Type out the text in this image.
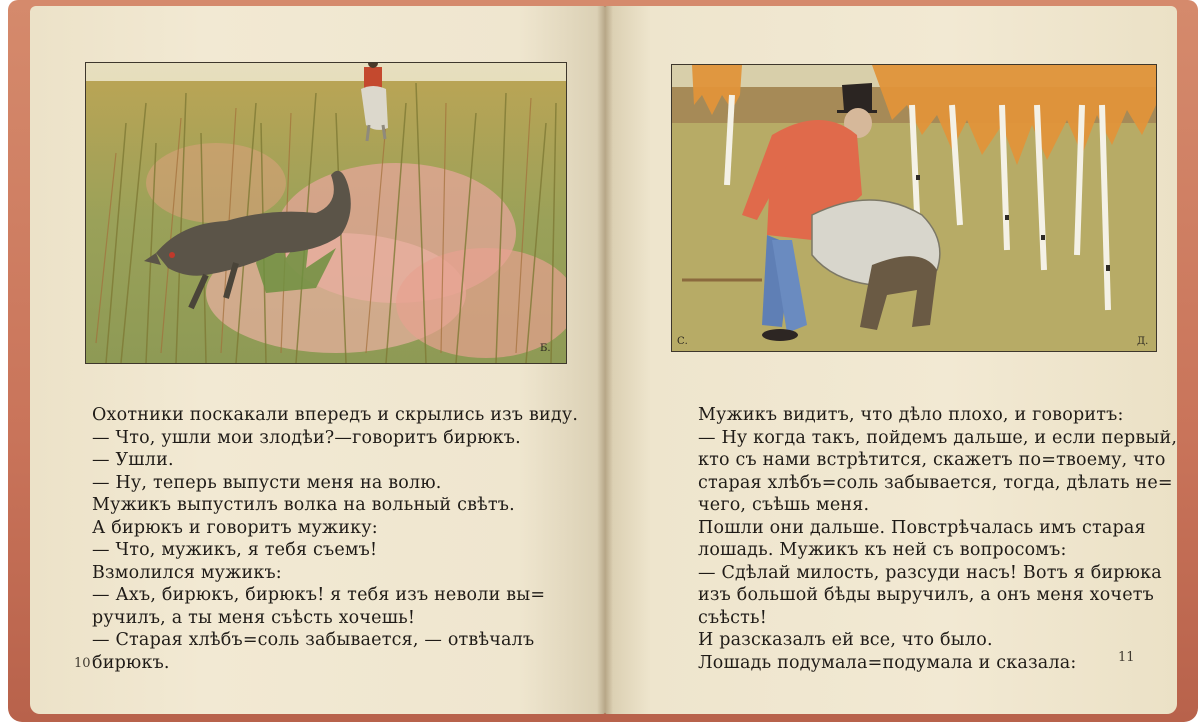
Б.
Охотники поскакали впередъ и скрылись изъ виду.
— Что, ушли мои злодѣи?—говоритъ бирюкъ.
— Ушли.
— Ну, теперь выпусти меня на волю.
Мужикъ выпустилъ волка на вольный свѣтъ.
А бирюкъ и говоритъ мужику:
— Что, мужикъ, я тебя съемъ!
Взмолился мужикъ:
— Ахъ, бирюкъ, бирюкъ! я тебя изъ неволи вы=
ручилъ, а ты меня съѣсть хочешь!
— Старая хлѣбъ=соль забывается, — отвѣчалъ
бирюкъ.
10
С.	Д.
Мужикъ видитъ, что дѣло плохо, и говоритъ:
— Ну когда такъ, пойдемъ дальше, и если первый,
кто съ нами встрѣтится, скажетъ по=твоему, что
старая хлѣбъ=соль забывается, тогда, дѣлать не=
чего, съѣшь меня.
Пошли они дальше. Повстрѣчалась имъ старая
лошадь. Мужикъ къ ней съ вопросомъ:
— Сдѣлай милость, разсуди насъ! Вотъ я бирюка
изъ большой бѣды выручилъ, а онъ меня хочетъ
съѣсть!
И разсказалъ ей все, что было.
Лошадь подумала=подумала и сказала:	11
